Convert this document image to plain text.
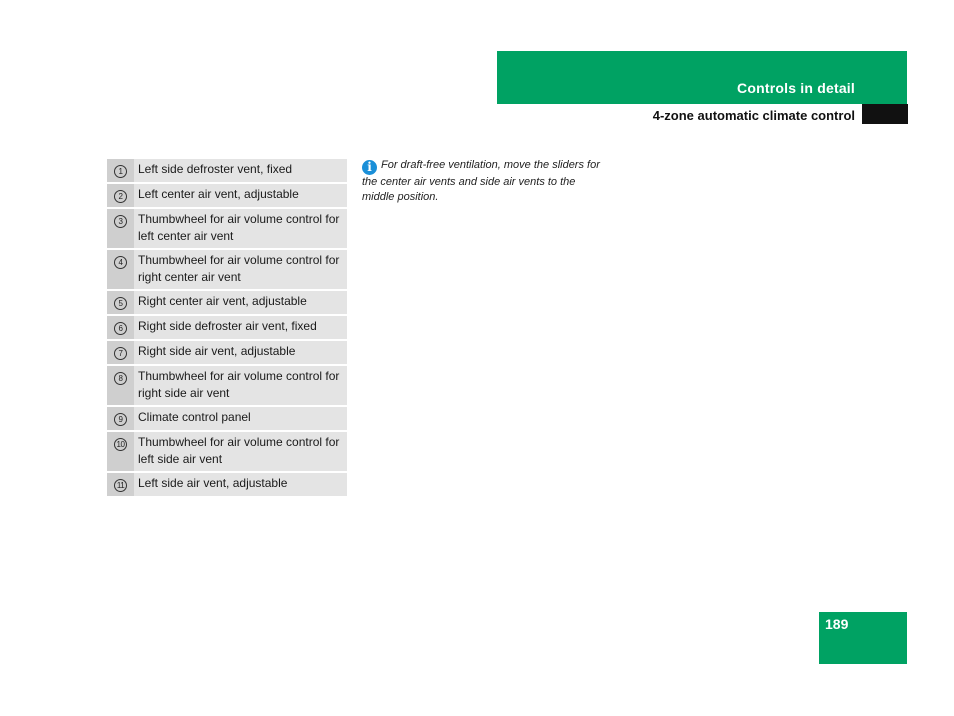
Controls in detail
4-zone automatic climate control
1	Left side defroster vent, fixed
2	Left center air vent, adjustable
3	Thumbwheel for air volume control for left center air vent
4	Thumbwheel for air volume control for right center air vent
5	Right center air vent, adjustable
6	Right side defroster air vent, fixed
7	Right side air vent, adjustable
8	Thumbwheel for air volume control for right side air vent
9	Climate control panel
10	Thumbwheel for air volume control for left side air vent
11	Left side air vent, adjustable
i For draft-free ventilation, move the sliders for the center air vents and side air vents to the middle position.
189
